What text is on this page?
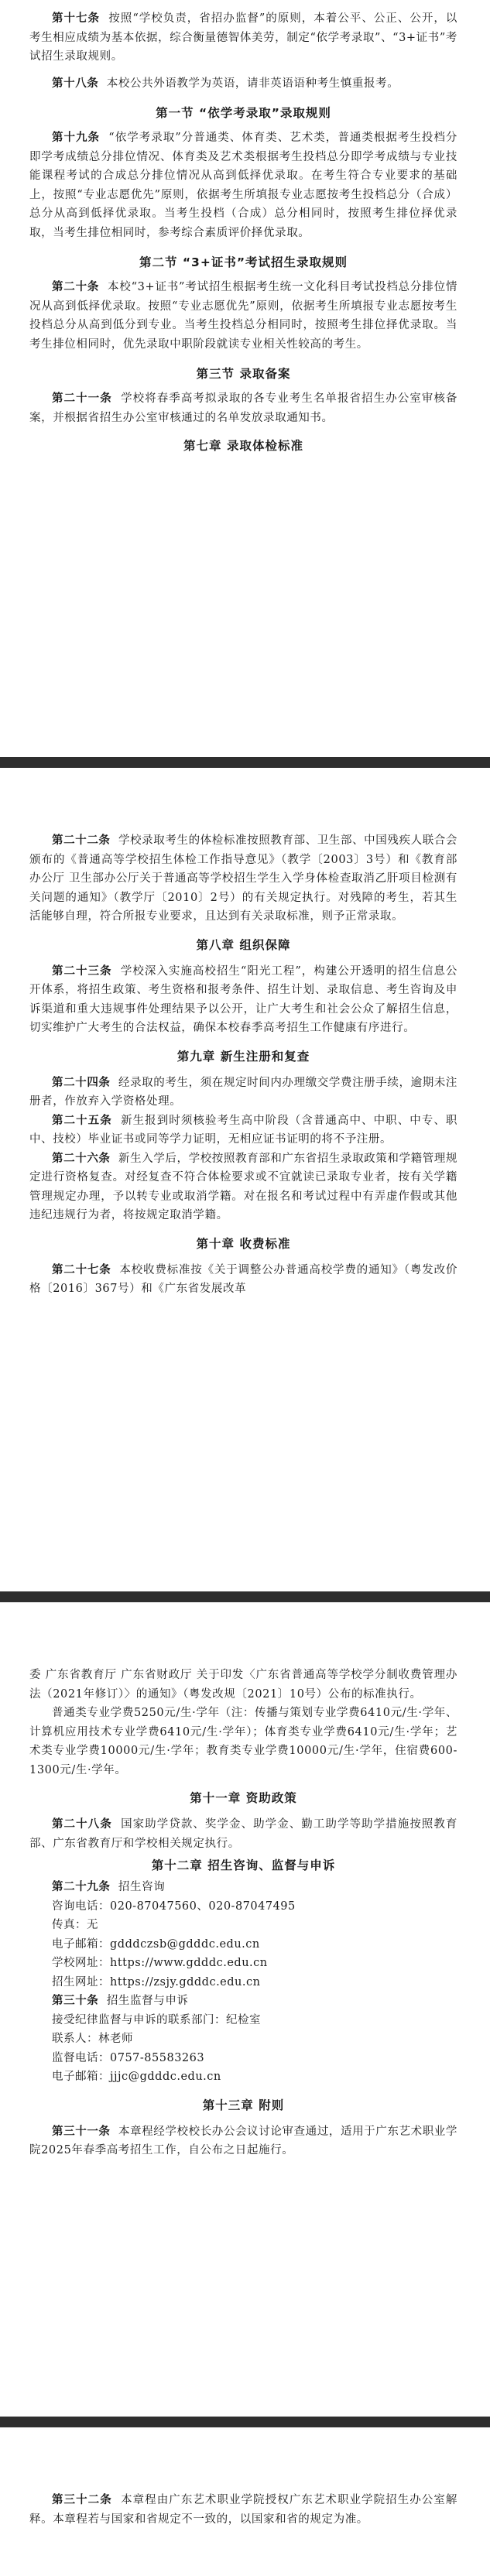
第十七条 按照“学校负责，省招办监督”的原则，本着公平、公正、公开，以考生相应成绩为基本依据，综合衡量德智体美劳，制定“依学考录取”、“3+证书”考试招生录取规则。

第十八条 本校公共外语教学为英语，请非英语语种考生慎重报考。

第一节 “依学考录取”录取规则

第十九条 “依学考录取”分普通类、体育类、艺术类，普通类根据考生投档分即学考成绩总分排位情况、体育类及艺术类根据考生投档总分即学考成绩与专业技能课程考试的合成总分排位情况从高到低择优录取。在考生符合专业要求的基础上，按照“专业志愿优先”原则，依据考生所填报专业志愿按考生投档总分（合成）总分从高到低择优录取。当考生投档（合成）总分相同时，按照考生排位择优录取，当考生排位相同时，参考综合素质评价择优录取。

第二节 “3+证书”考试招生录取规则

第二十条 本校“3+证书”考试招生根据考生统一文化科目考试投档总分排位情况从高到低择优录取。按照“专业志愿优先”原则，依据考生所填报专业志愿按考生投档总分从高到低分到专业。当考生投档总分相同时，按照考生排位择优录取。当考生排位相同时，优先录取中职阶段就读专业相关性较高的考生。

第三节 录取备案

第二十一条 学校将春季高考拟录取的各专业考生名单报省招生办公室审核备案，并根据省招生办公室审核通过的名单发放录取通知书。

第七章 录取体检标准

第二十二条 学校录取考生的体检标准按照教育部、卫生部、中国残疾人联合会颁布的《普通高等学校招生体检工作指导意见》（教学〔2003〕3号）和《教育部办公厅 卫生部办公厅关于普通高等学校招生学生入学身体检查取消乙肝项目检测有关问题的通知》（教学厅〔2010〕2号）的有关规定执行。对残障的考生，若其生活能够自理，符合所报专业要求，且达到有关录取标准，则予正常录取。

第八章 组织保障

第二十三条 学校深入实施高校招生“阳光工程”，构建公开透明的招生信息公开体系，将招生政策、考生资格和报考条件、招生计划、录取信息、考生咨询及申诉渠道和重大违规事件处理结果予以公开，让广大考生和社会公众了解招生信息，切实维护广大考生的合法权益，确保本校春季高考招生工作健康有序进行。

第九章 新生注册和复查

第二十四条 经录取的考生，须在规定时间内办理缴交学费注册手续，逾期未注册者，作放弃入学资格处理。

第二十五条 新生报到时须核验考生高中阶段（含普通高中、中职、中专、职中、技校）毕业证书或同等学力证明，无相应证书证明的将不予注册。

第二十六条 新生入学后，学校按照教育部和广东省招生录取政策和学籍管理规定进行资格复查。对经复查不符合体检要求或不宜就读已录取专业者，按有关学籍管理规定办理，予以转专业或取消学籍。对在报名和考试过程中有弄虚作假或其他违纪违规行为者，将按规定取消学籍。

第十章 收费标准

第二十七条 本校收费标准按《关于调整公办普通高校学费的通知》（粤发改价格〔2016〕367号）和《广东省发展改革

委 广东省教育厅 广东省财政厅 关于印发〈广东省普通高等学校学分制收费管理办法（2021年修订）〉的通知》（粤发改规〔2021〕10号）公布的标准执行。

普通类专业学费5250元/生·学年（注：传播与策划专业学费6410元/生·学年、计算机应用技术专业学费6410元/生·学年）；体育类专业学费6410元/生·学年；艺术类专业学费10000元/生·学年；教育类专业学费10000元/生·学年，住宿费600-1300元/生·学年。

第十一章 资助政策

第二十八条 国家助学贷款、奖学金、助学金、勤工助学等助学措施按照教育部、广东省教育厅和学校相关规定执行。

第十二章 招生咨询、监督与申诉

第二十九条 招生咨询

咨询电话：020-87047560、020-87047495
传真：无
电子邮箱：gdddczsb@gdddc.edu.cn
学校网址：https://www.gdddc.edu.cn
招生网址：https://zsjy.gdddc.edu.cn

第三十条 招生监督与申诉

接受纪律监督与申诉的联系部门：纪检室
联系人：林老师
监督电话：0757-85583263
电子邮箱：jjjc@gdddc.edu.cn
第十三章 附则

第三十一条 本章程经学校校长办公会议讨论审查通过，适用于广东艺术职业学院2025年春季高考招生工作，自公布之日起施行。

第三十二条 本章程由广东艺术职业学院授权广东艺术职业学院招生办公室解释。本章程若与国家和省规定不一致的，以国家和省的规定为准。
